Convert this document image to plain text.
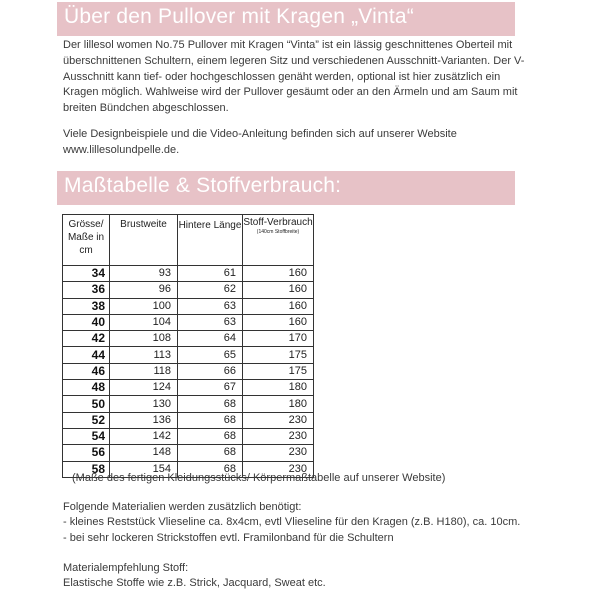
Über den Pullover mit Kragen „Vinta“

Der lillesol women No.75 Pullover mit Kragen “Vinta” ist ein lässig geschnittenes Oberteil mit überschnittenen Schultern, einem legeren Sitz und verschiedenen Ausschnitt-Varianten. Der V-Ausschnitt kann tief- oder hochgeschlossen genäht werden, optional ist hier zusätzlich ein Kragen möglich. Wahlweise wird der Pullover gesäumt oder an den Ärmeln und am Saum mit breiten Bündchen abgeschlossen.

Viele Designbeispiele und die Video-Anleitung befinden sich auf unserer Website www.lillesolundpelle.de.

Maßtabelle & Stoffverbrauch:
Grösse/ Maße in cm	Brustweite	Hintere Länge	Stoff-Verbrauch
(140cm Stoffbreite)

34	93	61	160
36	96	62	160
38	100	63	160
40	104	63	160
42	108	64	170
44	113	65	175
46	118	66	175
48	124	67	180
50	130	68	180
52	136	68	230
54	142	68	230
56	148	68	230
58	154	68	230

(Maße des fertigen Kleidungsstücks/ Körpermaßtabelle auf unserer Website)

Folgende Materialien werden zusätzlich benötigt:

- kleines Reststück Vlieseline ca. 8x4cm, evtl Vlieseline für den Kragen (z.B. H180), ca. 10cm.

- bei sehr lockeren Strickstoffen evtl. Framilonband für die Schultern

Materialempfehlung Stoff:

Elastische Stoffe wie z.B. Strick, Jacquard, Sweat etc.
